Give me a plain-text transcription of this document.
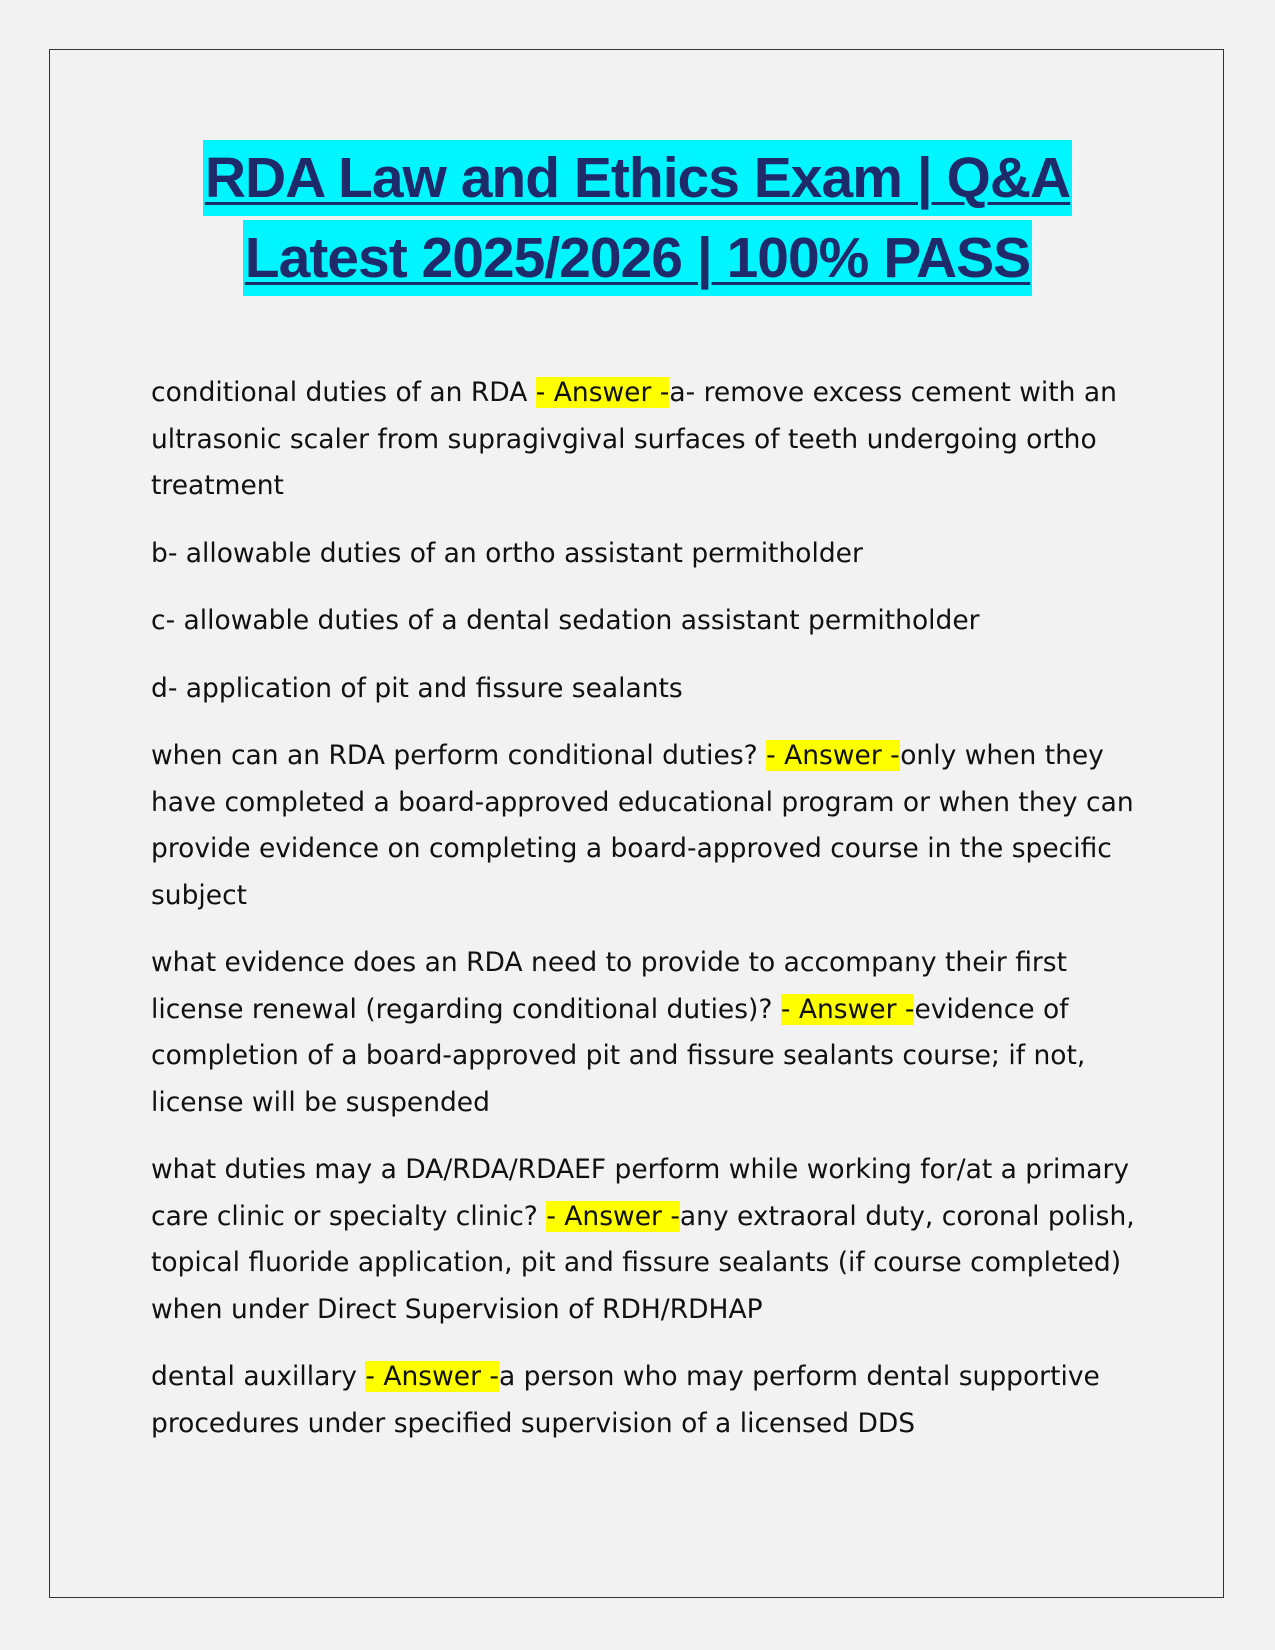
RDA Law and Ethics Exam | Q&A
Latest 2025/2026 | 100% PASS

conditional duties of an RDA - Answer -a- remove excess cement with an ultrasonic scaler from supragivgival surfaces of teeth undergoing ortho treatment

b- allowable duties of an ortho assistant permitholder

c- allowable duties of a dental sedation assistant permitholder

d- application of pit and fissure sealants

when can an RDA perform conditional duties? - Answer -only when they have completed a board-approved educational program or when they can provide evidence on completing a board-approved course in the specific subject

what evidence does an RDA need to provide to accompany their first license renewal (regarding conditional duties)? - Answer -evidence of completion of a board-approved pit and fissure sealants course; if not, license will be suspended

what duties may a DA/RDA/RDAEF perform while working for/at a primary care clinic or specialty clinic? - Answer -any extraoral duty, coronal polish, topical fluoride application, pit and fissure sealants (if course completed) when under Direct Supervision of RDH/RDHAP

dental auxillary - Answer -a person who may perform dental supportive procedures under specified supervision of a licensed DDS
